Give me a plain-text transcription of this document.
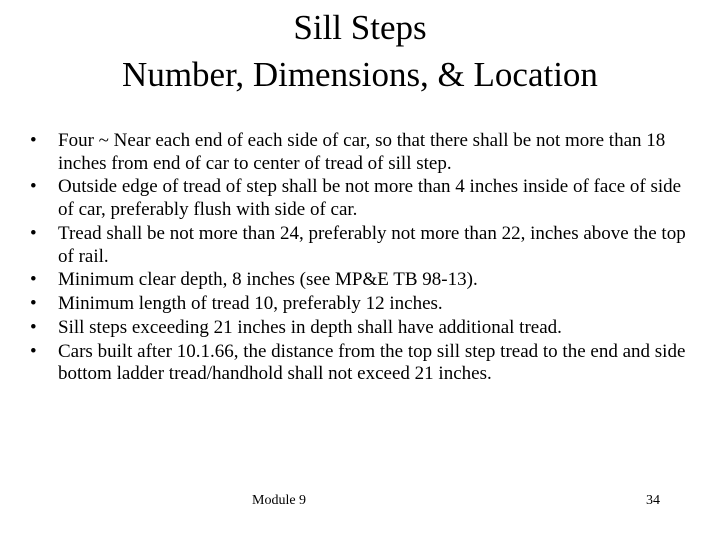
Sill Steps
Number, Dimensions, & Location
• Four ~ Near each end of each side of car, so that there shall be not more than 18 inches from end of car to center of tread of sill step.
• Outside edge of tread of step shall be not more than 4 inches inside of face of side of car, preferably flush with side of car.
• Tread shall be not more than 24, preferably not more than 22, inches above the top of rail.
• Minimum clear depth, 8 inches (see MP&E TB 98-13).
• Minimum length of tread 10, preferably 12 inches.
• Sill steps exceeding 21 inches in depth shall have additional tread.
• Cars built after 10.1.66, the distance from the top sill step tread to the end and side bottom ladder tread/handhold shall not exceed 21 inches.
Module 9	34
